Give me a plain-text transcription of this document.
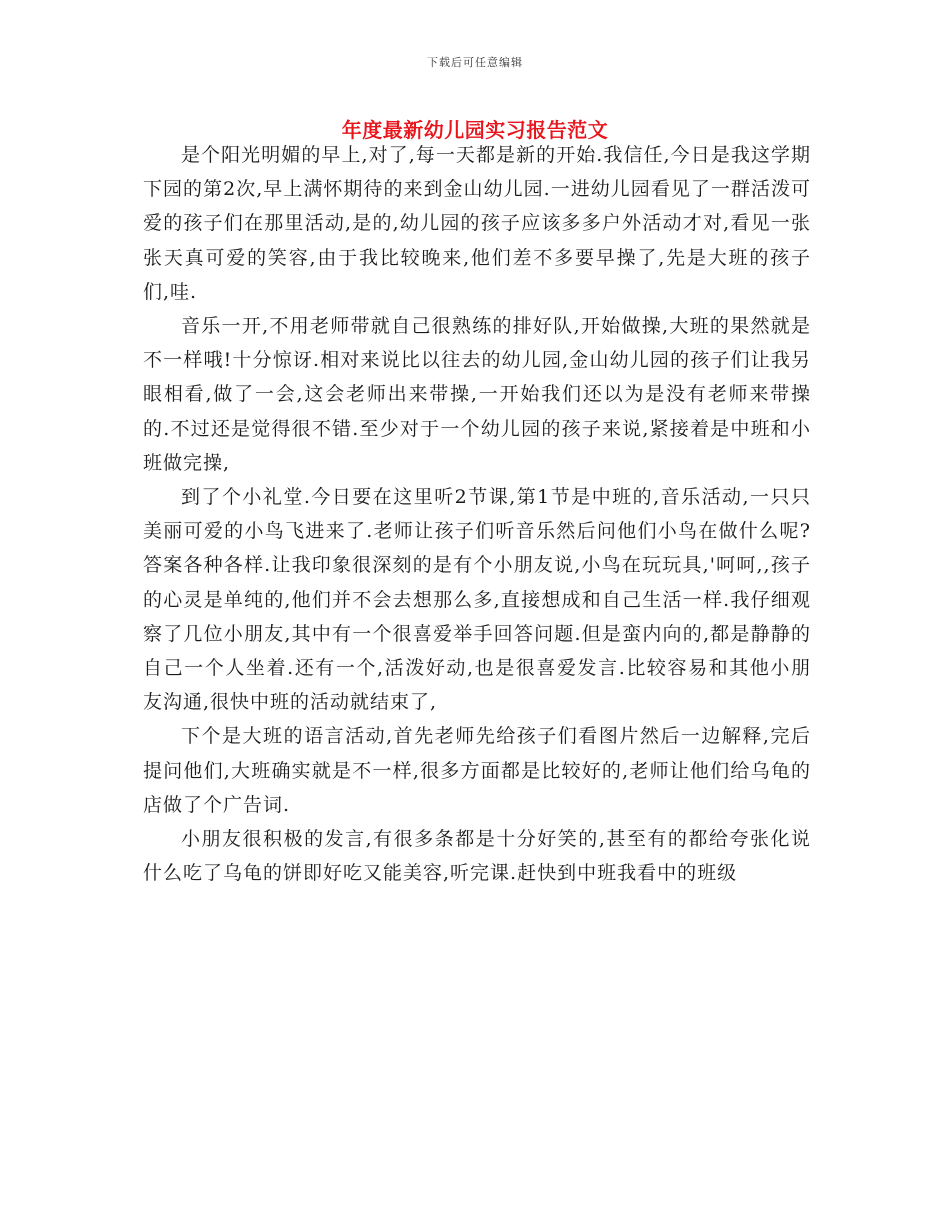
下载后可任意编辑
年度最新幼儿园实习报告范文

是个阳光明媚的早上,对了,每一天都是新的开始.我信任,今日是我这学期下园的第2次,早上满怀期待的来到金山幼儿园.一进幼儿园看见了一群活泼可爱的孩子们在那里活动,是的,幼儿园的孩子应该多多户外活动才对,看见一张张天真可爱的笑容,由于我比较晚来,他们差不多要早操了,先是大班的孩子们,哇.

音乐一开,不用老师带就自己很熟练的排好队,开始做操,大班的果然就是不一样哦!十分惊讶.相对来说比以往去的幼儿园,金山幼儿园的孩子们让我另眼相看,做了一会,这会老师出来带操,一开始我们还以为是没有老师来带操的.不过还是觉得很不错.至少对于一个幼儿园的孩子来说,紧接着是中班和小班做完操,

到了个小礼堂.今日要在这里听2节课,第1节是中班的,音乐活动,一只只美丽可爱的小鸟飞进来了.老师让孩子们听音乐然后问他们小鸟在做什么呢?答案各种各样.让我印象很深刻的是有个小朋友说,小鸟在玩玩具,'呵呵,,孩子的心灵是单纯的,他们并不会去想那么多,直接想成和自己生活一样.我仔细观察了几位小朋友,其中有一个很喜爱举手回答问题.但是蛮内向的,都是静静的自己一个人坐着.还有一个,活泼好动,也是很喜爱发言.比较容易和其他小朋友沟通,很快中班的活动就结束了,

下个是大班的语言活动,首先老师先给孩子们看图片然后一边解释,完后提问他们,大班确实就是不一样,很多方面都是比较好的,老师让他们给乌龟的店做了个广告词.

小朋友很积极的发言,有很多条都是十分好笑的,甚至有的都给夸张化说什么吃了乌龟的饼即好吃又能美容,听完课.赶快到中班我看中的班级
